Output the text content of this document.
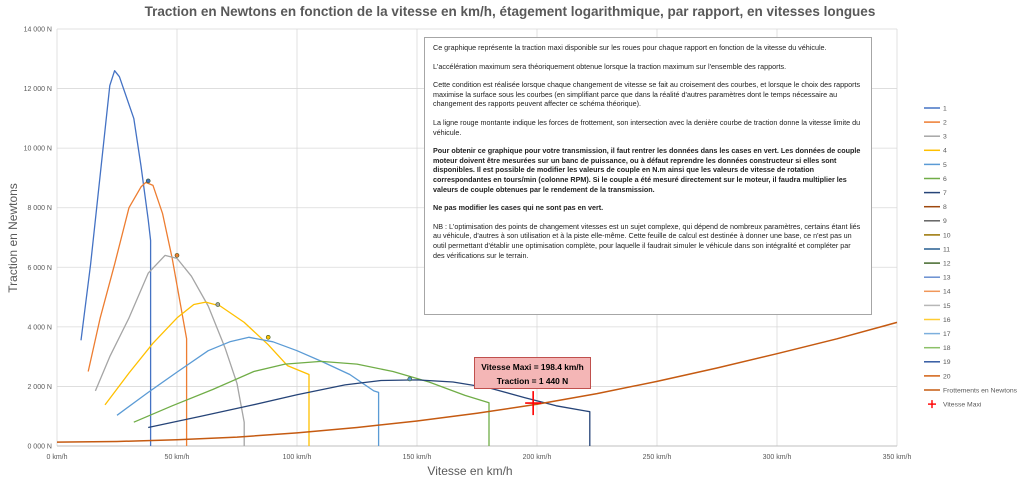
Traction en Newtons en fonction de la vitesse en km/h, étagement logarithmique, par rapport, en vitesses longues
0 km/h	50 km/h	100 km/h	150 km/h	200 km/h	250 km/h	300 km/h	350 km/h
0 000 N
2 000 N
4 000 N
6 000 N
8 000 N
10 000 N
12 000 N
14 000 N
Vitesse en km/h
Traction en Newtons
1
2
3
4
5
6
7
8
9
10
11
12
13
14
15
16
17
18
19
20
Frottements en Newtons
Vitesse Maxi

Ce graphique représente la traction maxi disponible sur les roues pour chaque rapport en fonction de la vitesse du véhicule.

L'accélération maximum sera théoriquement obtenue lorsque la traction maximum sur l'ensemble des rapports.

Cette condition est réalisée lorsque chaque changement de vitesse se fait au croisement des courbes, et lorsque le choix des rapports maximise la surface sous les courbes (en simplifiant parce que dans la réalité d'autres paramètres dont le temps nécessaire au changement des rapports peuvent affecter ce schéma théorique).

La ligne rouge montante indique les forces de frottement, son intersection avec la denière courbe de traction donne la vitesse limite du véhicule.

Pour obtenir ce graphique pour votre transmission, il faut rentrer les données dans les cases en vert. Les données de couple moteur doivent être mesurées sur un banc de puissance, ou à défaut reprendre les données constructeur si elles sont disponibles. Il est possible de modifier les valeurs de couple en N.m ainsi que les valeurs de vitesse de rotation correspondantes en tours/min (colonne RPM). Si le couple a été mesuré directement sur le moteur, il faudra multiplier les valeurs de couple obtenues par le rendement de la transmission.

Ne pas modifier les cases qui ne sont pas en vert.

NB : L'optimisation des points de changement vitesses est un sujet complexe, qui dépend de nombreux paramètres, certains étant liés au véhicule, d'autres à son utilisation et à la piste elle-même. Cette feuille de calcul est destinée à donner une base, ce n'est pas un outil permettant d'établir une optimisation complète, pour laquelle il faudrait simuler le véhicule dans son intégralité et compléter par des vérifications sur le terrain.

Vitesse Maxi = 198.4 km/h
Traction = 1 440 N
